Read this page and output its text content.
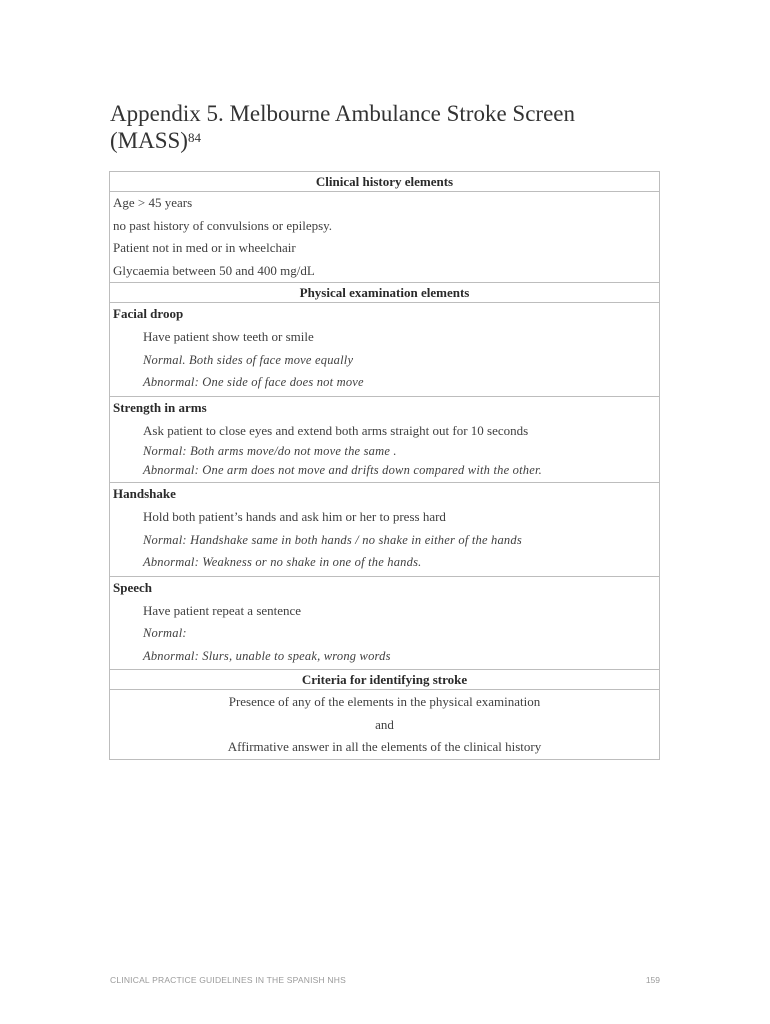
Appendix 5. Melbourne Ambulance Stroke Screen
(MASS)$^{84}$
Clinical history elements
Age > 45 years
no past history of convulsions or epilepsy.
Patient not in med or in wheelchair
Glycaemia between 50 and 400 mg/dL
Physical examination elements
Facial droop
Have patient show teeth or smile
Normal. Both sides of face move equally
Abnormal: One side of face does not move
Strength in arms
Ask patient to close eyes and extend both arms straight out for 10 seconds
Normal: Both arms move/do not move the same .
Abnormal: One arm does not move and drifts down compared with the other.
Handshake
Hold both patient’s hands and ask him or her to press hard
Normal: Handshake same in both hands / no shake in either of the hands
Abnormal: Weakness or no shake in one of the hands.
Speech
Have patient repeat a sentence
Normal:
Abnormal: Slurs, unable to speak, wrong words
Criteria for identifying stroke
Presence of any of the elements in the physical examination
and
Affirmative answer in all the elements of the clinical history
CLINICAL PRACTICE GUIDELINES IN THE SPANISH NHS	159
